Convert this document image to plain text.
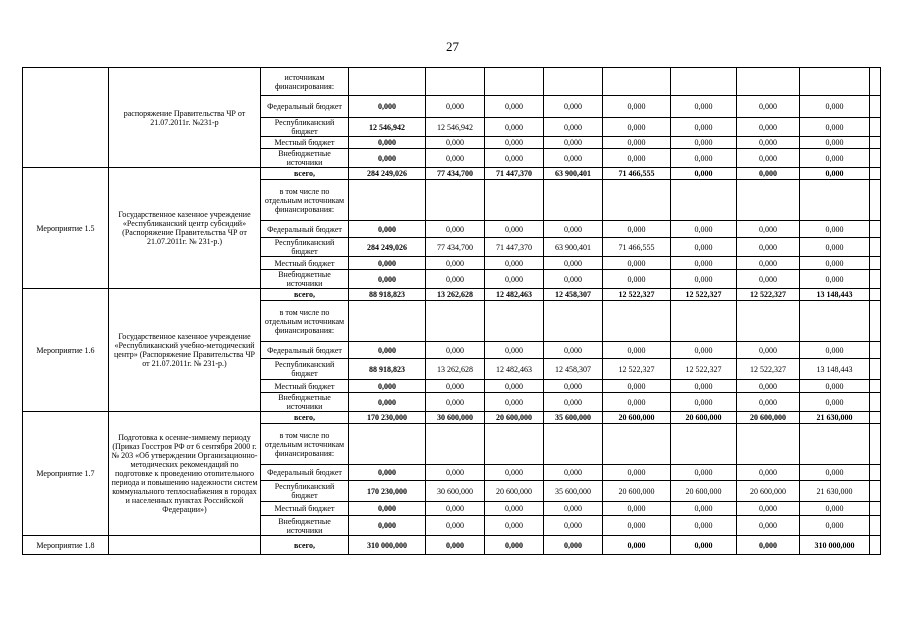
27
	распоряжение Правительства ЧР от 21.07.2011г. №231-р	источникам финансирования:									
		Федеральный бюджет	0,000	0,000	0,000	0,000	0,000	0,000	0,000	0,000	
		Республиканский бюджет	12 546,942	12 546,942	0,000	0,000	0,000	0,000	0,000	0,000	
		Местный бюджет	0,000	0,000	0,000	0,000	0,000	0,000	0,000	0,000	
		Внебюджетные источники	0,000	0,000	0,000	0,000	0,000	0,000	0,000	0,000	
Мероприятие 1.5	Государственное казенное учреждение «Республиканский центр субсидий» (Распоряжение Правительства ЧР от 21.07.2011г. № 231-р.)	всего,	284 249,026	77 434,700	71 447,370	63 900,401	71 466,555	0,000	0,000	0,000	
		в том числе по отдельным источникам финансирования:									
		Федеральный бюджет	0,000	0,000	0,000	0,000	0,000	0,000	0,000	0,000	
		Республиканский бюджет	284 249,026	77 434,700	71 447,370	63 900,401	71 466,555	0,000	0,000	0,000	
		Местный бюджет	0,000	0,000	0,000	0,000	0,000	0,000	0,000	0,000	
		Внебюджетные источники	0,000	0,000	0,000	0,000	0,000	0,000	0,000	0,000	
Мероприятие 1.6	Государственное казенное учреждение «Республиканский учебно-методический центр» (Распоряжение Правительства ЧР от 21.07.2011г. № 231-р.)	всего,	88 918,823	13 262,628	12 482,463	12 458,307	12 522,327	12 522,327	12 522,327	13 148,443	
		в том числе по отдельным источникам финансирования:									
		Федеральный бюджет	0,000	0,000	0,000	0,000	0,000	0,000	0,000	0,000	
		Республиканский бюджет	88 918,823	13 262,628	12 482,463	12 458,307	12 522,327	12 522,327	12 522,327	13 148,443	
		Местный бюджет	0,000	0,000	0,000	0,000	0,000	0,000	0,000	0,000	
		Внебюджетные источники	0,000	0,000	0,000	0,000	0,000	0,000	0,000	0,000	
Мероприятие 1.7	Подготовка к осенне-зимнему периоду (Приказ Госстроя РФ от 6 сентября 2000 г. № 203 «Об утверждении Организационно-методических рекомендаций по подготовке к проведению отопительного периода и повышению надежности систем коммунального теплоснабжения в городах и населенных пунктах Российской Федерации»)	всего,	170 230,000	30 600,000	20 600,000	35 600,000	20 600,000	20 600,000	20 600,000	21 630,000	
		в том числе по отдельным источникам финансирования:									
		Федеральный бюджет	0,000	0,000	0,000	0,000	0,000	0,000	0,000	0,000	
		Республиканский бюджет	170 230,000	30 600,000	20 600,000	35 600,000	20 600,000	20 600,000	20 600,000	21 630,000	
		Местный бюджет	0,000	0,000	0,000	0,000	0,000	0,000	0,000	0,000	
		Внебюджетные источники	0,000	0,000	0,000	0,000	0,000	0,000	0,000	0,000	
Мероприятие 1.8		всего,	310 000,000	0,000	0,000	0,000	0,000	0,000	0,000	310 000,000	
